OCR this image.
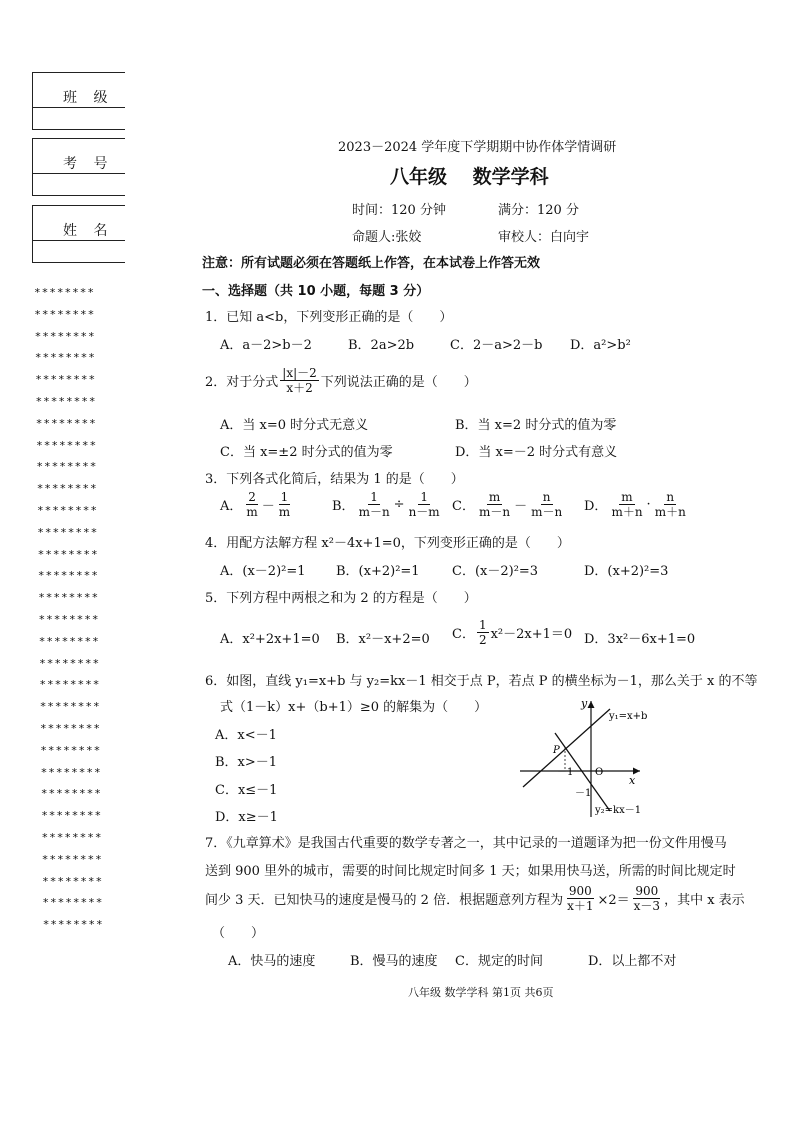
班 级
考 号
姓 名
********
********
********
********
********
********
********
********
********
********
********
********
********
********
********
********
********
********
********
********
********
********
********
********
********
********
********
********
********
********
2023－2024 学年度下学期期中协作体学情调研
八年级　 数学学科
时间：120 分钟	满分：120 分
命题人:张姣	审校人：白向宇
注意：所有试题必须在答题纸上作答，在本试卷上作答无效
一、选择题（共 10 小题，每题 3 分）
1．已知 a<b，下列变形正确的是（　　）
A．a－2>b－2	B．2a>2b	C．2－a>2－b D．a²>b²
2．对于分式 $\frac{|x|-2}{x+2}$ 下列说法正确的是（　　）
A．当 x=0 时分式无意义	B．当 x=2 时分式的值为零
C．当 x=±2 时分式的值为零	D．当 x=－2 时分式有意义
3．下列各式化简后，结果为 1 的是（　　）
A． $\frac{2}{m} - \frac{1}{m}$	B． $\frac{1}{m-n} \div \frac{1}{n-m}$ C． $\frac{m}{m-n} - \frac{n}{m-n}$ D． $\frac{m}{m+n} \cdot \frac{n}{m+n}$
4．用配方法解方程 x²－4x+1=0，下列变形正确的是（　　）
A．(x－2)²=1 B．(x+2)²=1 C．(x－2)²=3	D．(x+2)²=3
5．下列方程中两根之和为 2 的方程是（　　）
A．x²+2x+1=0 B．x²－x+2=0 C． $\frac{1}{2} x^2-2x+1=0$ D．3x²－6x+1=0
6．如图，直线 y₁=x+b 与 y₂=kx－1 相交于点 P，若点 P 的横坐标为－1，那么关于 x 的不等
式（1－k）x+（b+1）≥0 的解集为（　　）
A．x<－1
B．x>－1
C．x≤－1
D．x≥－1
y
x
O
P
－1
－1
y₁=x+b
y₂=kx－1
7．《九章算术》是我国古代重要的数学专著之一，其中记录的一道题译为把一份文件用慢马
送到 900 里外的城市，需要的时间比规定时间多 1 天；如果用快马送，所需的时间比规定时
间少 3 天．已知快马的速度是慢马的 2 倍．根据题意列方程为 $\frac{900}{x+1} \times 2= \frac{900}{x-3}$ ，其中 x 表示
（　　）
A．快马的速度	B．慢马的速度 C．规定的时间	D．以上都不对
八年级 数学学科 第1页 共6页
